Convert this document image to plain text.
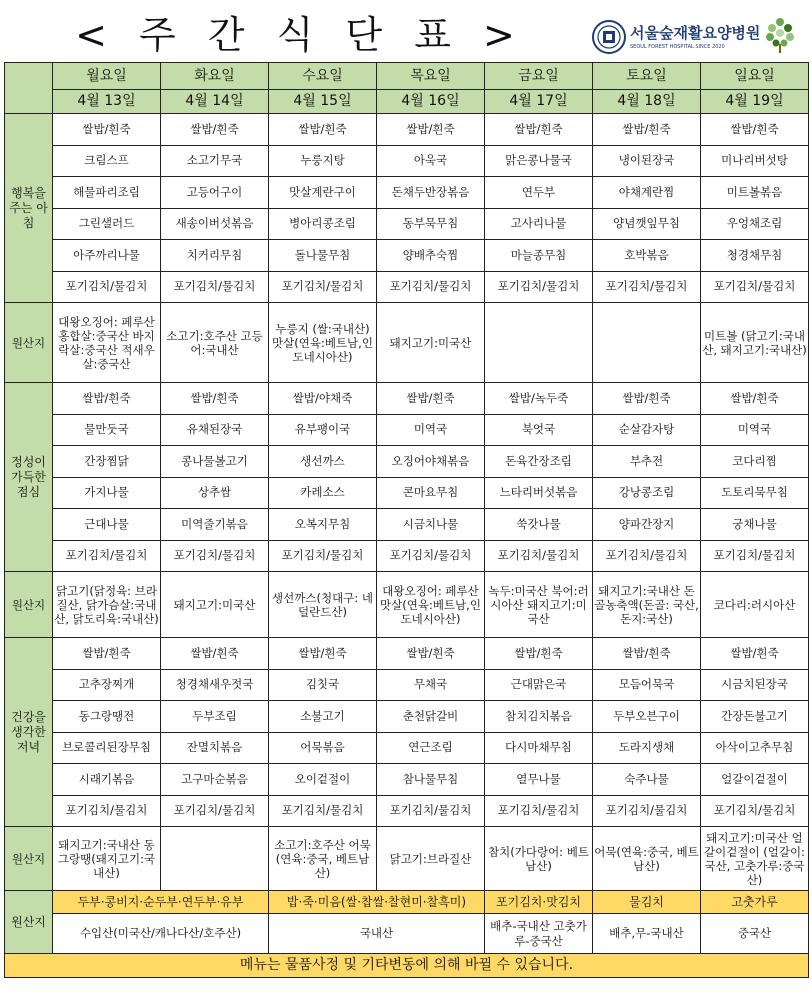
< 주 간 식 단 표 >	서울숲재활요양병원
SEOUL FOREST HOSPITAL SINCE 2020
	월요일	화요일	수요일	목요일	금요일	토요일	일요일
	4월 13일	4월 14일	4월 15일	4월 16일	4월 17일	4월 18일	4월 19일
행복을 주는 아침	쌀밥/흰죽	쌀밥/흰죽	쌀밥/흰죽	쌀밥/흰죽	쌀밥/흰죽	쌀밥/흰죽	쌀밥/흰죽
	크림스프	소고기무국	누룽지탕	아욱국	맑은콩나물국	냉이된장국	미나리버섯탕
	해물파리조림	고등어구이	맛살계란구이	돈채두반장볶음	연두부	야채계란찜	미트볼볶음
	그린샐러드	새송이버섯볶음	병아리콩조림	동부묵무침	고사리나물	양념깻잎무침	우엉채조림
	아주까리나물	치커리무침	돌나물무침	양배추숙찜	마늘종무침	호박볶음	청경채무침
	포기김치/물김치	포기김치/물김치	포기김치/물김치	포기김치/물김치	포기김치/물김치	포기김치/물김치	포기김치/물김치
원산지	대왕오징어: 페루산 홍합살:중국산 바지락살:중국산 적새우살:중국산	소고기:호주산 고등어:국내산	누룽지 (쌀:국내산) 맛살(연육:베트남,인도네시아산)	돼지고기:미국산			미트볼 (닭고기:국내산, 돼지고기:국내산)
정성이 가득한 점심	쌀밥/흰죽	쌀밥/흰죽	쌀밥/야채죽	쌀밥/흰죽	쌀밥/녹두죽	쌀밥/흰죽	쌀밥/흰죽
	물만둣국	유채된장국	유부팽이국	미역국	북엇국	순살감자탕	미역국
	간장찜닭	콩나물볼고기	생선까스	오징어야채볶음	돈육간장조림	부추전	코다리찜
	가지나물	상추쌈	카레소스	콘마요무침	느타리버섯볶음	강낭콩조림	도토리묵무침
	근대나물	미역줄기볶음	오복지무침	시금치나물	쑥갓나물	양파간장지	궁채나물
	포기김치/물김치	포기김치/물김치	포기김치/물김치	포기김치/물김치	포기김치/물김치	포기김치/물김치	포기김치/물김치
원산지	닭고기(닭정육: 브라질산, 닭가슴살:국내산, 닭도리육:국내산)	돼지고기:미국산	생선까스(청대구: 네덜란드산)	대왕오징어: 페루산 맛살(연육:베트남,인도네시아산)	녹두:미국산 북어:러시아산 돼지고기:미국산	돼지고기:국내산 돈골농축액(돈골: 국산,돈지:국산)	코다리:러시아산
건강을 생각한 저녁	쌀밥/흰죽	쌀밥/흰죽	쌀밥/흰죽	쌀밥/흰죽	쌀밥/흰죽	쌀밥/흰죽	쌀밥/흰죽
	고추장찌개	청경채새우젓국	김칫국	무채국	근대맑은국	모듬어묵국	시금치된장국
	동그랑땡전	두부조림	소불고기	춘천닭갈비	참치김치볶음	두부오븐구이	간장돈불고기
	브로콜리된장무침	잔멸치볶음	어묵볶음	연근조림	다시마채무침	도라지생채	아삭이고추무침
	시래기볶음	고구마순볶음	오이겉절이	참나물무침	열무나물	숙주나물	얼갈이겉절이
	포기김치/물김치	포기김치/물김치	포기김치/물김치	포기김치/물김치	포기김치/물김치	포기김치/물김치	포기김치/물김치
원산지	돼지고기:국내산 동그랑땡(돼지고기:국내산)		소고기:호주산 어묵(연육:중국, 베트남산)	닭고기:브라질산	참치(가다랑어: 베트남산)	어묵(연육:중국, 베트남산)	돼지고기:미국산 얼갈이겉절이 (얼갈이:국산, 고춧가루:중국산)
원산지	두부·콩비지·순두부·연두부·유부		밥·죽·미음(쌀·찹쌀·찰현미·찰흑미)		포기김치·맛김치	물김치	고춧가루
	수입산(미국산/캐나다산/호주산)		국내산		배추-국내산 고춧가루-중국산	배추,무-국내산	중국산
메뉴는 물품사정 및 기타변동에 의해 바뀔 수 있습니다.							
